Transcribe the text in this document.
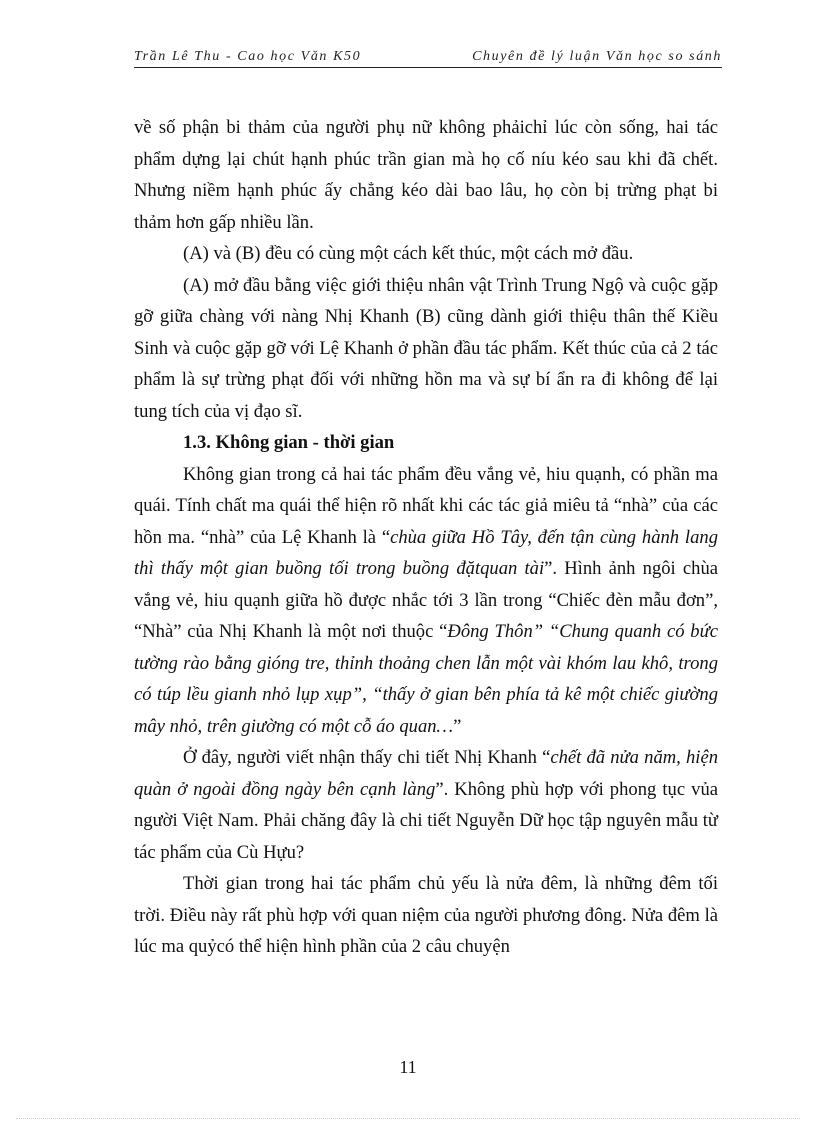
Trần Lê Thu - Cao học Văn K50	Chuyên đề lý luận Văn học so sánh

về số phận bi thảm của người phụ nữ không phảichỉ lúc còn sống, hai tác phẩm dựng lại chút hạnh phúc trần gian mà họ cố níu kéo sau khi đã chết. Nhưng niềm hạnh phúc ấy chẳng kéo dài bao lâu, họ còn bị trừng phạt bi thảm hơn gấp nhiều lần.

(A) và (B) đều có cùng một cách kết thúc, một cách mở đầu.

(A) mở đầu bằng việc giới thiệu nhân vật Trình Trung Ngộ và cuộc gặp gỡ giữa chàng với nàng Nhị Khanh (B) cũng dành giới thiệu thân thế Kiều Sinh và cuộc gặp gỡ với Lệ Khanh ở phần đầu tác phẩm. Kết thúc của cả 2 tác phẩm là sự trừng phạt đối với những hồn ma và sự bí ẩn ra đi không để lại tung tích của vị đạo sĩ.

1.3. Không gian - thời gian

Không gian trong cả hai tác phẩm đều vắng vẻ, hiu quạnh, có phần ma quái. Tính chất ma quái thể hiện rõ nhất khi các tác giả miêu tả “nhà” của các hồn ma. “nhà” của Lệ Khanh là “chùa giữa Hồ Tây, đến tận cùng hành lang thì thấy một gian buồng tối trong buồng đặtquan tài”. Hình ảnh ngôi chùa vắng vẻ, hiu quạnh giữa hồ được nhắc tới 3 lần trong “Chiếc đèn mẫu đơn”, “Nhà” của Nhị Khanh là một nơi thuộc “Đông Thôn” “Chung quanh có bức tường rào bằng gióng tre, thỉnh thoảng chen lẫn một vài khóm lau khô, trong có túp lều gianh nhỏ lụp xụp”, “thấy ở gian bên phía tả kê một chiếc giường mây nhỏ, trên giường có một cỗ áo quan…”

Ở đây, người viết nhận thấy chi tiết Nhị Khanh “chết đã nửa năm, hiện quàn ở ngoài đồng ngày bên cạnh làng”. Không phù hợp với phong tục vủa người Việt Nam. Phải chăng đây là chi tiết Nguyễn Dữ học tập nguyên mẫu từ tác phẩm của Cù Hựu?

Thời gian trong hai tác phẩm chủ yếu là nửa đêm, là những đêm tối trời. Điều này rất phù hợp với quan niệm của người phương đông. Nửa đêm là lúc ma quỷcó thể hiện hình phần của 2 câu chuyện

11
